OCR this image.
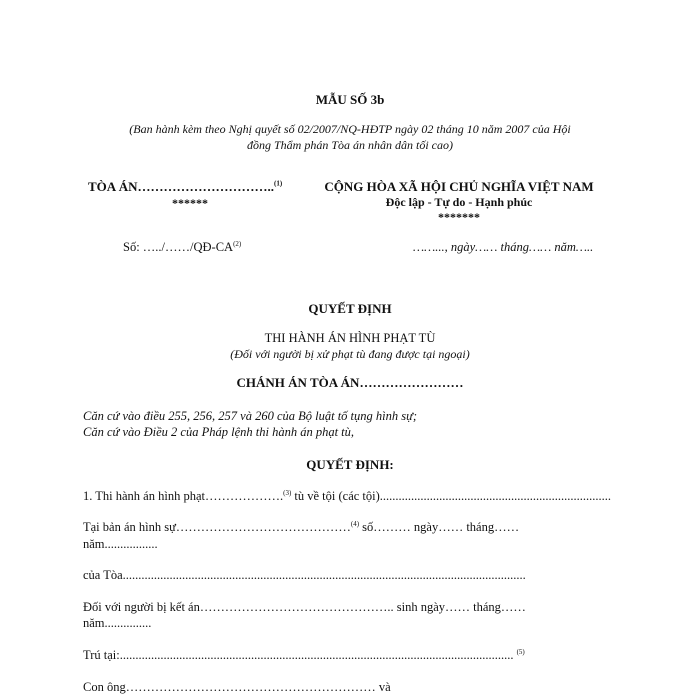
MẪU SỐ 3b
(Ban hành kèm theo Nghị quyết số 02/2007/NQ-HĐTP ngày 02 tháng 10 năm 2007 của Hội
đồng Thẩm phán Tòa án nhân dân tối cao)
TÒA ÁN…………………………..$^{(1)}$
******
Số: …../……/QĐ-CA$^{(2)}$
CỘNG HÒA XÃ HỘI CHỦ NGHĨA VIỆT NAM
Độc lập - Tự do - Hạnh phúc
*******
……..., ngày…… tháng…… năm…..
QUYẾT ĐỊNH
THI HÀNH ÁN HÌNH PHẠT TÙ
(Đối với người bị xử phạt tù đang được tại ngoại)
CHÁNH ÁN TÒA ÁN……………………
Căn cứ vào điều 255, 256, 257 và 260 của Bộ luật tố tụng hình sự;
Căn cứ vào Điều 2 của Pháp lệnh thi hành án phạt tù,
QUYẾT ĐỊNH:
1. Thi hành án hình phạt……………….$^{(3)}$ tù về tội (các tội)..........................................................................
Tại bản án hình sự……………………………………$^{(4)}$ số……… ngày…… tháng……
năm.................
của Tòa.................................................................................................................................
Đối với người bị kết án……………………………………….. sinh ngày…… tháng……
năm...............
Trú tại:.............................................................................................................................. $^{(5)}$
Con ông…………………………………………………… và
